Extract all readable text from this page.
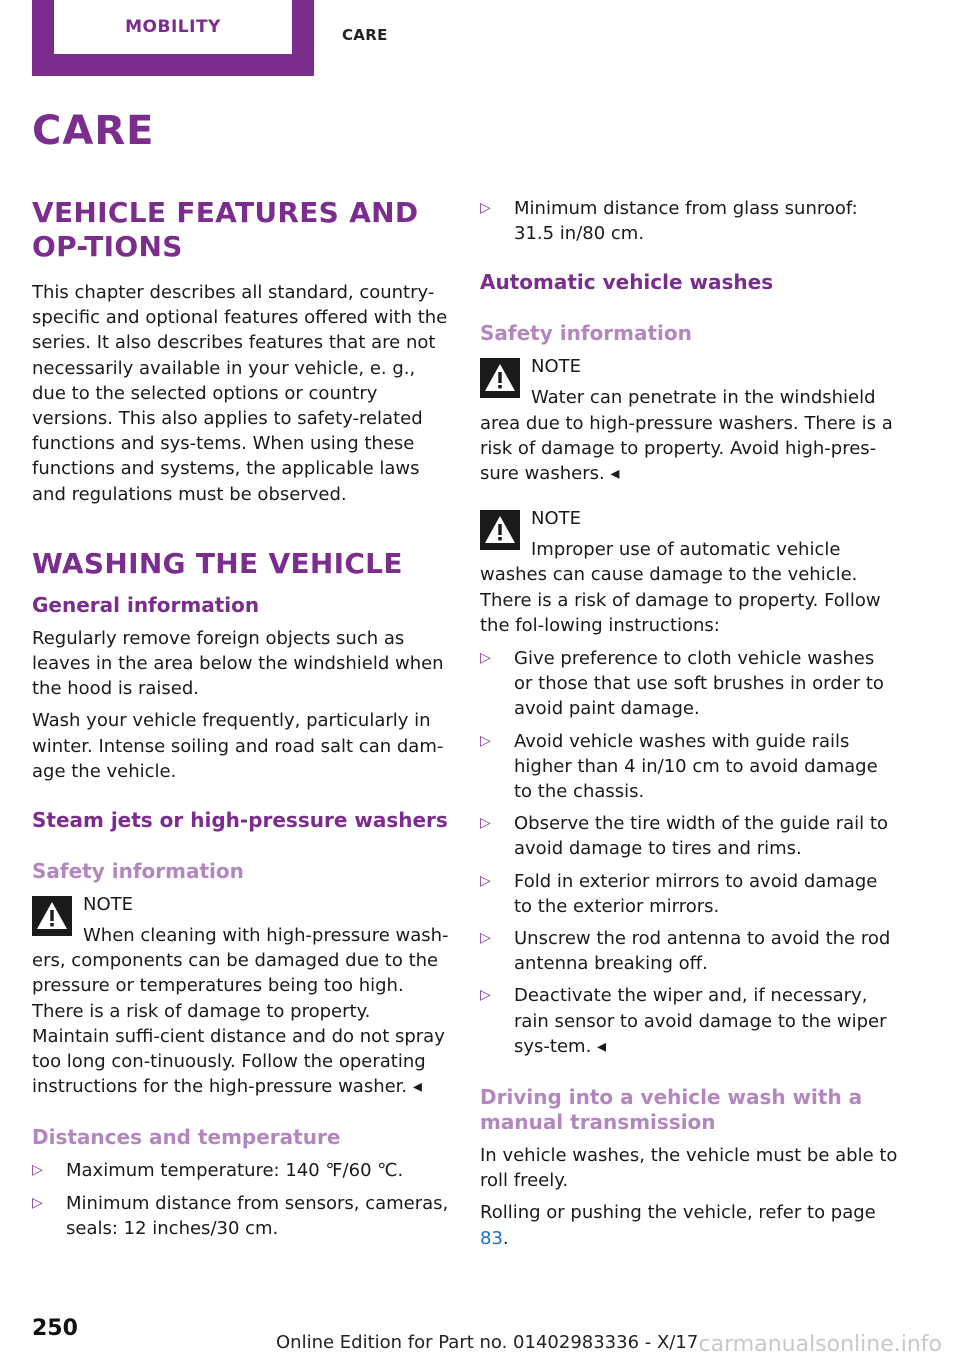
MOBILITY	CARE
CARE
VEHICLE FEATURES AND OP-TIONS

This chapter describes all standard, country-specific and optional features offered with the series. It also describes features that are not necessarily available in your vehicle, e. g., due to the selected options or country versions. This also applies to safety-related functions and sys-tems. When using these functions and systems, the applicable laws and regulations must be observed.

WASHING THE VEHICLE
General information

Regularly remove foreign objects such as leaves in the area below the windshield when the hood is raised.

Wash your vehicle frequently, particularly in winter. Intense soiling and road salt can dam-age the vehicle.

Steam jets or high-pressure washers
Safety information
NOTE

When cleaning with high-pressure wash-
ers, components can be damaged due to the pressure or temperatures being too high. There is a risk of damage to property. Maintain suffi-cient distance and do not spray too long con-tinuously. Follow the operating instructions for the high-pressure washer. ◂

Distances and temperature
▷ Maximum temperature: 140 ℉/60 ℃.
▷ Minimum distance from sensors, cameras, seals: 12 inches/30 cm.
▷ Minimum distance from glass sunroof: 31.5 in/80 cm.
Automatic vehicle washes
Safety information
NOTE

Water can penetrate in the windshield
area due to high-pressure washers. There is a risk of damage to property. Avoid high-pres-sure washers. ◂

NOTE

Improper use of automatic vehicle
washes can cause damage to the vehicle. There is a risk of damage to property. Follow the fol-lowing instructions:

▷ Give preference to cloth vehicle washes or those that use soft brushes in order to avoid paint damage.
▷ Avoid vehicle washes with guide rails higher than 4 in/10 cm to avoid damage to the chassis.
▷ Observe the tire width of the guide rail to avoid damage to tires and rims.
▷ Fold in exterior mirrors to avoid damage to the exterior mirrors.
▷ Unscrew the rod antenna to avoid the rod antenna breaking off.
▷ Deactivate the wiper and, if necessary, rain sensor to avoid damage to the wiper sys-tem. ◂
Driving into a vehicle wash with a manual transmission

In vehicle washes, the vehicle must be able to roll freely.

Rolling or pushing the vehicle, refer to page 83.

250
Online Edition for Part no. 01402983336 - X/17 carmanualsonline.info
